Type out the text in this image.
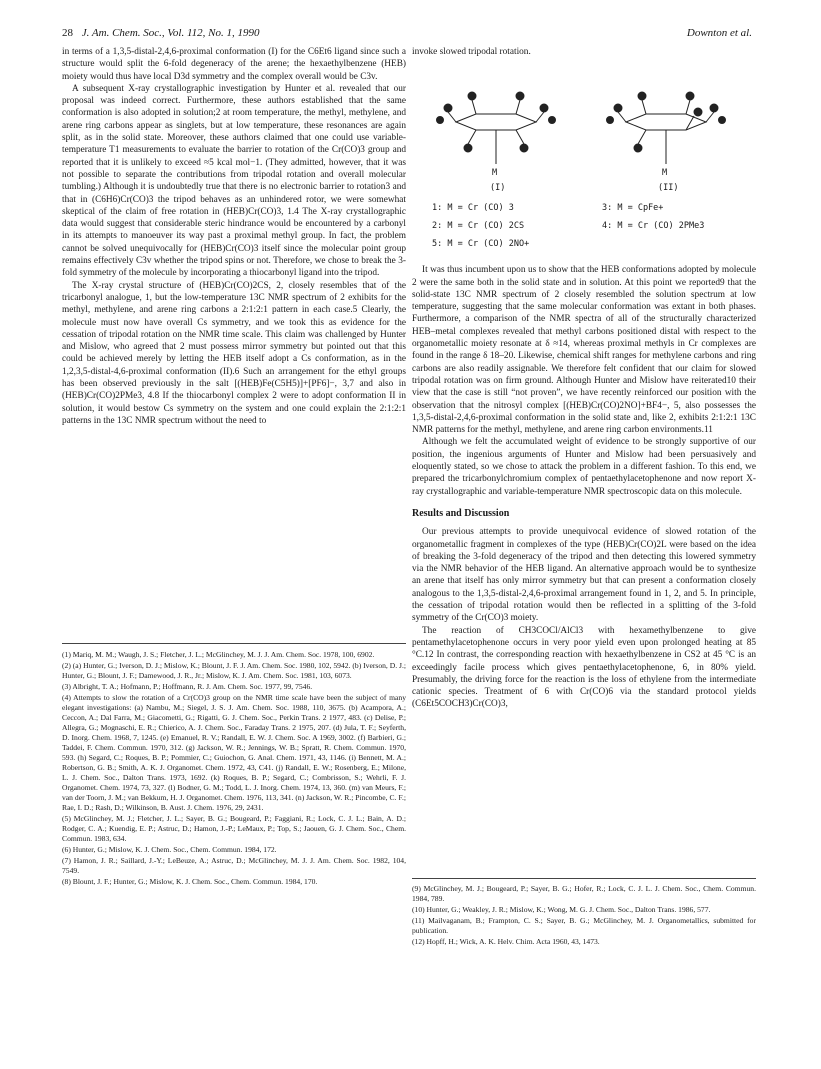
28 J. Am. Chem. Soc., Vol. 112, No. 1, 1990	Downton et al.

in terms of a 1,3,5-distal-2,4,6-proximal conformation (I) for the C6Et6 ligand since such a structure would split the 6-fold degeneracy of the arene; the hexaethylbenzene (HEB) moiety would thus have local D3d symmetry and the complex overall would be C3v.

A subsequent X-ray crystallographic investigation by Hunter et al. revealed that our proposal was indeed correct. Furthermore, these authors established that the same conformation is also adopted in solution;2 at room temperature, the methyl, methylene, and arene ring carbons appear as singlets, but at low temperature, these resonances are again split, as in the solid state. Moreover, these authors claimed that one could use variable-temperature T1 measurements to evaluate the barrier to rotation of the Cr(CO)3 group and reported that it is unlikely to exceed ≈5 kcal mol−1. (They admitted, however, that it was not possible to separate the contributions from tripodal rotation and overall molecular tumbling.) Although it is undoubtedly true that there is no electronic barrier to rotation3 and that in (C6H6)Cr(CO)3 the tripod behaves as an unhindered rotor, we were somewhat skeptical of the claim of free rotation in (HEB)Cr(CO)3, 1.4 The X-ray crystallographic data would suggest that considerable steric hindrance would be encountered by a carbonyl in its attempts to manoeuver its way past a proximal methyl group. In fact, the problem cannot be solved unequivocally for (HEB)Cr(CO)3 itself since the molecular point group remains effectively C3v whether the tripod spins or not. Therefore, we chose to break the 3-fold symmetry of the molecule by incorporating a thiocarbonyl ligand into the tripod.

The X-ray crystal structure of (HEB)Cr(CO)2CS, 2, closely resembles that of the tricarbonyl analogue, 1, but the low-temperature 13C NMR spectrum of 2 exhibits for the methyl, methylene, and arene ring carbons a 2:1:2:1 pattern in each case.5 Clearly, the molecule must now have overall Cs symmetry, and we took this as evidence for the cessation of tripodal rotation on the NMR time scale. This claim was challenged by Hunter and Mislow, who agreed that 2 must possess mirror symmetry but pointed out that this could be achieved merely by letting the HEB itself adopt a Cs conformation, as in the 1,2,3,5-distal-4,6-proximal conformation (II).6 Such an arrangement for the ethyl groups has been observed previously in the salt [(HEB)Fe(C5H5)]+[PF6]−, 3,7 and also in (HEB)Cr(CO)2PMe3, 4.8 If the thiocarbonyl complex 2 were to adopt conformation II in solution, it would bestow Cs symmetry on the system and one could explain the 2:1:2:1 patterns in the 13C NMR spectrum without the need to

(1) Mariq, M. M.; Waugh, J. S.; Fletcher, J. L.; McGlinchey, M. J. J. Am. Chem. Soc. 1978, 100, 6902.
(2) (a) Hunter, G.; Iverson, D. J.; Mislow, K.; Blount, J. F. J. Am. Chem. Soc. 1980, 102, 5942. (b) Iverson, D. J.; Hunter, G.; Blount, J. F.; Damewood, J. R., Jr.; Mislow, K. J. Am. Chem. Soc. 1981, 103, 6073.
(3) Albright, T. A.; Hofmann, P.; Hoffmann, R. J. Am. Chem. Soc. 1977, 99, 7546.
(4) Attempts to slow the rotation of a Cr(CO)3 group on the NMR time scale have been the subject of many elegant investigations: (a) Nambu, M.; Siegel, J. S. J. Am. Chem. Soc. 1988, 110, 3675. (b) Acampora, A.; Ceccon, A.; Dal Farra, M.; Giacometti, G.; Rigatti, G. J. Chem. Soc., Perkin Trans. 2 1977, 483. (c) Delise, P.; Allegra, G.; Mognaschi, E. R.; Chierico, A. J. Chem. Soc., Faraday Trans. 2 1975, 207. (d) Jula, T. F.; Seyferth, D. Inorg. Chem. 1968, 7, 1245. (e) Emanuel, R. V.; Randall, E. W. J. Chem. Soc. A 1969, 3002. (f) Barbieri, G.; Taddei, F. Chem. Commun. 1970, 312. (g) Jackson, W. R.; Jennings, W. B.; Spratt, R. Chem. Commun. 1970, 593. (h) Segard, C.; Roques, B. P.; Pommier, C.; Guiochon, G. Anal. Chem. 1971, 43, 1146. (i) Bennett, M. A.; Robertson, G. B.; Smith, A. K. J. Organomet. Chem. 1972, 43, C41. (j) Randall, E. W.; Rosenberg, E.; Milone, L. J. Chem. Soc., Dalton Trans. 1973, 1692. (k) Roques, B. P.; Segard, C.; Combrisson, S.; Wehrli, F. J. Organomet. Chem. 1974, 73, 327. (l) Bodner, G. M.; Todd, L. J. Inorg. Chem. 1974, 13, 360. (m) van Meurs, F.; van der Toorn, J. M.; van Bekkum, H. J. Organomet. Chem. 1976, 113, 341. (n) Jackson, W. R.; Pincombe, C. F.; Rae, I. D.; Rash, D.; Wilkinson, B. Aust. J. Chem. 1976, 29, 2431.
(5) McGlinchey, M. J.; Fletcher, J. L.; Sayer, B. G.; Bougeard, P.; Faggiani, R.; Lock, C. J. L.; Bain, A. D.; Rodger, C. A.; Kuendig, E. P.; Astruc, D.; Hamon, J.-P.; LeMaux, P.; Top, S.; Jaouen, G. J. Chem. Soc., Chem. Commun. 1983, 634.
(6) Hunter, G.; Mislow, K. J. Chem. Soc., Chem. Commun. 1984, 172.
(7) Hamon, J. R.; Saillard, J.-Y.; LeBeuze, A.; Astruc, D.; McGlinchey, M. J. J. Am. Chem. Soc. 1982, 104, 7549.
(8) Blount, J. F.; Hunter, G.; Mislow, K. J. Chem. Soc., Chem. Commun. 1984, 170.

invoke slowed tripodal rotation.

M	M
(I)	(II)
1: M = Cr (CO) 3	3: M = CpFe+
2: M = Cr (CO) 2CS	4: M = Cr (CO) 2PMe3
5: M = Cr (CO) 2NO+

It was thus incumbent upon us to show that the HEB conformations adopted by molecule 2 were the same both in the solid state and in solution. At this point we reported9 that the solid-state 13C NMR spectrum of 2 closely resembled the solution spectrum at low temperature, suggesting that the same molecular conformation was extant in both phases. Furthermore, a comparison of the NMR spectra of all of the structurally characterized HEB–metal complexes revealed that methyl carbons positioned distal with respect to the organometallic moiety resonate at δ ≈14, whereas proximal methyls in Cr complexes are found in the range δ 18–20. Likewise, chemical shift ranges for methylene carbons and ring carbons are also readily assignable. We therefore felt confident that our claim for slowed tripodal rotation was on firm ground. Although Hunter and Mislow have reiterated10 their view that the case is still “not proven”, we have recently reinforced our position with the observation that the nitrosyl complex [(HEB)Cr(CO)2NO]+BF4−, 5, also possesses the 1,3,5-distal-2,4,6-proximal conformation in the solid state and, like 2, exhibits 2:1:2:1 13C NMR patterns for the methyl, methylene, and arene ring carbon environments.11

Although we felt the accumulated weight of evidence to be strongly supportive of our position, the ingenious arguments of Hunter and Mislow had been persuasively and eloquently stated, so we chose to attack the problem in a different fashion. To this end, we prepared the tricarbonylchromium complex of pentaethylacetophenone and now report X-ray crystallographic and variable-temperature NMR spectroscopic data on this molecule.

Results and Discussion

Our previous attempts to provide unequivocal evidence of slowed rotation of the organometallic fragment in complexes of the type (HEB)Cr(CO)2L were based on the idea of breaking the 3-fold degeneracy of the tripod and then detecting this lowered symmetry via the NMR behavior of the HEB ligand. An alternative approach would be to synthesize an arene that itself has only mirror symmetry but that can present a conformation closely analogous to the 1,3,5-distal-2,4,6-proximal arrangement found in 1, 2, and 5. In principle, the cessation of tripodal rotation would then be reflected in a splitting of the 3-fold symmetry of the Cr(CO)3 moiety.

The reaction of CH3COCl/AlCl3 with hexamethylbenzene to give pentamethylacetophenone occurs in very poor yield even upon prolonged heating at 85 °C.12 In contrast, the corresponding reaction with hexaethylbenzene in CS2 at 45 °C is an exceedingly facile process which gives pentaethylacetophenone, 6, in 80% yield. Presumably, the driving force for the reaction is the loss of ethylene from the intermediate cationic species. Treatment of 6 with Cr(CO)6 via the standard protocol yields (C6Et5COCH3)Cr(CO)3,

(9) McGlinchey, M. J.; Bougeard, P.; Sayer, B. G.; Hofer, R.; Lock, C. J. L. J. Chem. Soc., Chem. Commun. 1984, 789.
(10) Hunter, G.; Weakley, J. R.; Mislow, K.; Wong, M. G. J. Chem. Soc., Dalton Trans. 1986, 577.
(11) Mailvaganam, B.; Frampton, C. S.; Sayer, B. G.; McGlinchey, M. J. Organometallics, submitted for publication.
(12) Hopff, H.; Wick, A. K. Helv. Chim. Acta 1960, 43, 1473.
